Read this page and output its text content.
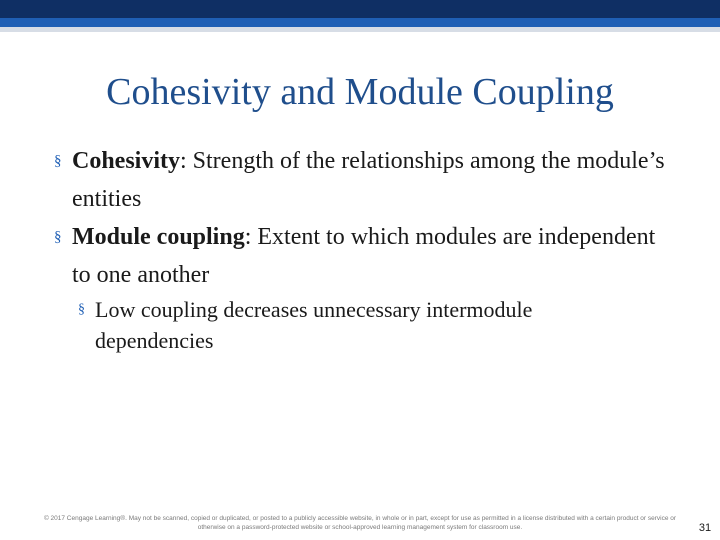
Cohesivity and Module Coupling
§ Cohesivity: Strength of the relationships among the module’s entities
§ Module coupling: Extent to which modules are independent to one another
§ Low coupling decreases unnecessary intermodule dependencies
© 2017 Cengage Learning®. May not be scanned, copied or duplicated, or posted to a publicly accessible website, in whole or in part, except for use as permitted in a license distributed with a certain product or service or otherwise on a password-protected website or school-approved learning management system for classroom use.	31
